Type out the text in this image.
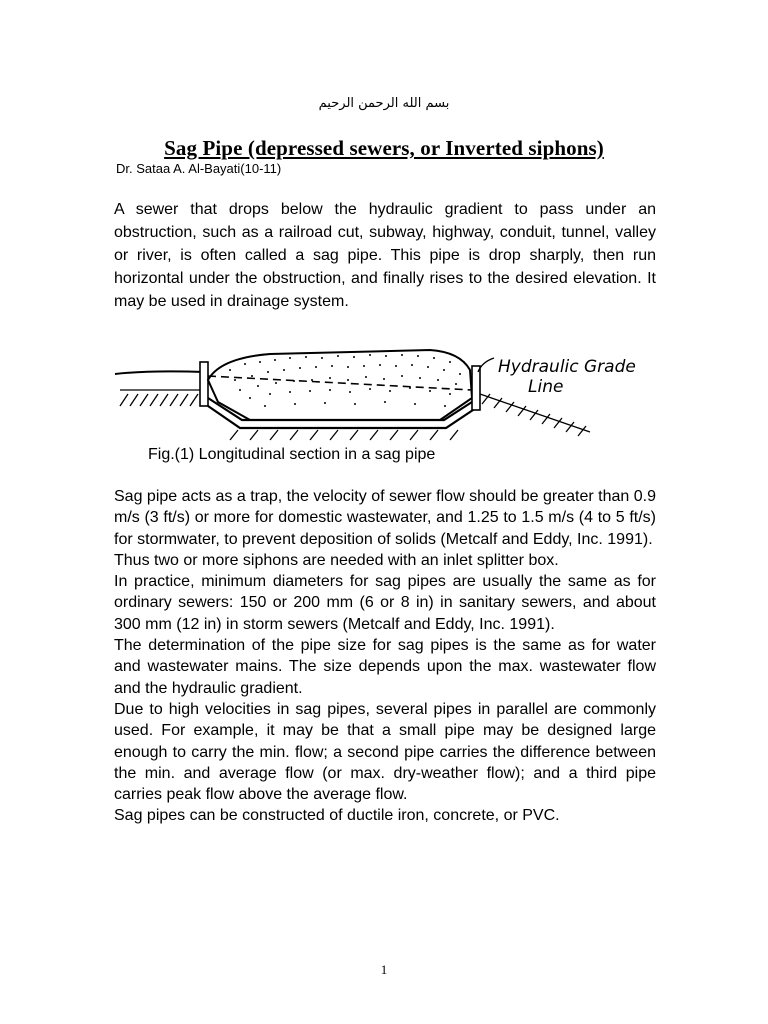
بسم الله الرحمن الرحيم
Sag Pipe (depressed sewers, or Inverted siphons)
Dr. Sataa A. Al-Bayati(10-11)

A sewer that drops below the hydraulic gradient to pass under an obstruction, such as a railroad cut, subway, highway, conduit, tunnel, valley or river, is often called a sag pipe. This pipe is drop sharply, then run horizontal under the obstruction, and finally rises to the desired elevation. It may be used in drainage system.

Hydraulic Grade
Line
Fig.(1) Longitudinal section in a sag pipe

Sag pipe acts as a trap, the velocity of sewer flow should be greater than 0.9 m/s (3 ft/s) or more for domestic wastewater, and 1.25 to 1.5 m/s (4 to 5 ft/s) for stormwater, to prevent deposition of solids (Metcalf and Eddy, Inc. 1991).

Thus two or more siphons are needed with an inlet splitter box.

In practice, minimum diameters for sag pipes are usually the same as for ordinary sewers: 150 or 200 mm (6 or 8 in) in sanitary sewers, and about 300 mm (12 in) in storm sewers (Metcalf and Eddy, Inc. 1991).

The determination of the pipe size for sag pipes is the same as for water and wastewater mains. The size depends upon the max. wastewater flow and the hydraulic gradient.

Due to high velocities in sag pipes, several pipes in parallel are commonly used. For example, it may be that a small pipe may be designed large enough to carry the min. flow; a second pipe carries the difference between the min. and average flow (or max. dry-weather flow); and a third pipe carries peak flow above the average flow.

Sag pipes can be constructed of ductile iron, concrete, or PVC.

1
